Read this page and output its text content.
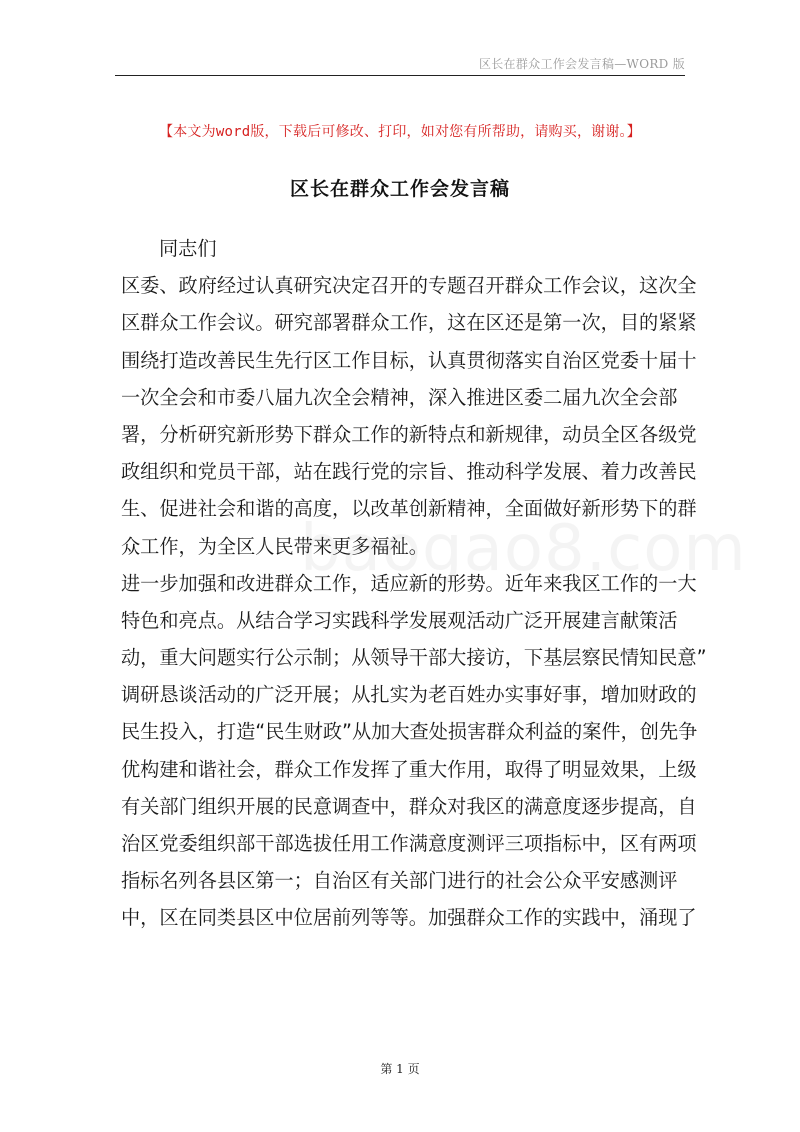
区长在群众工作会发言稿—WORD 版
【本文为word版，下载后可修改、打印，如对您有所帮助，请购买，谢谢。】
区长在群众工作会发言稿
同志们
区委、政府经过认真研究决定召开的专题召开群众工作会议，这次全
区群众工作会议。研究部署群众工作，这在区还是第一次，目的紧紧
围绕打造改善民生先行区工作目标，认真贯彻落实自治区党委十届十
一次全会和市委八届九次全会精神，深入推进区委二届九次全会部
署，分析研究新形势下群众工作的新特点和新规律，动员全区各级党
政组织和党员干部，站在践行党的宗旨、推动科学发展、着力改善民
生、促进社会和谐的高度，以改革创新精神，全面做好新形势下的群
众工作，为全区人民带来更多福祉。
进一步加强和改进群众工作，适应新的形势。近年来我区工作的一大
特色和亮点。从结合学习实践科学发展观活动广泛开展建言献策活
动，重大问题实行公示制；从领导干部大接访，下基层察民情知民意”
调研恳谈活动的广泛开展；从扎实为老百姓办实事好事，增加财政的
民生投入，打造“民生财政”从加大查处损害群众利益的案件，创先争
优构建和谐社会，群众工作发挥了重大作用，取得了明显效果，上级
有关部门组织开展的民意调查中，群众对我区的满意度逐步提高，自
治区党委组织部干部选拔任用工作满意度测评三项指标中，区有两项
指标名列各县区第一；自治区有关部门进行的社会公众平安感测评
中，区在同类县区中位居前列等等。加强群众工作的实践中，涌现了
第 1 页
